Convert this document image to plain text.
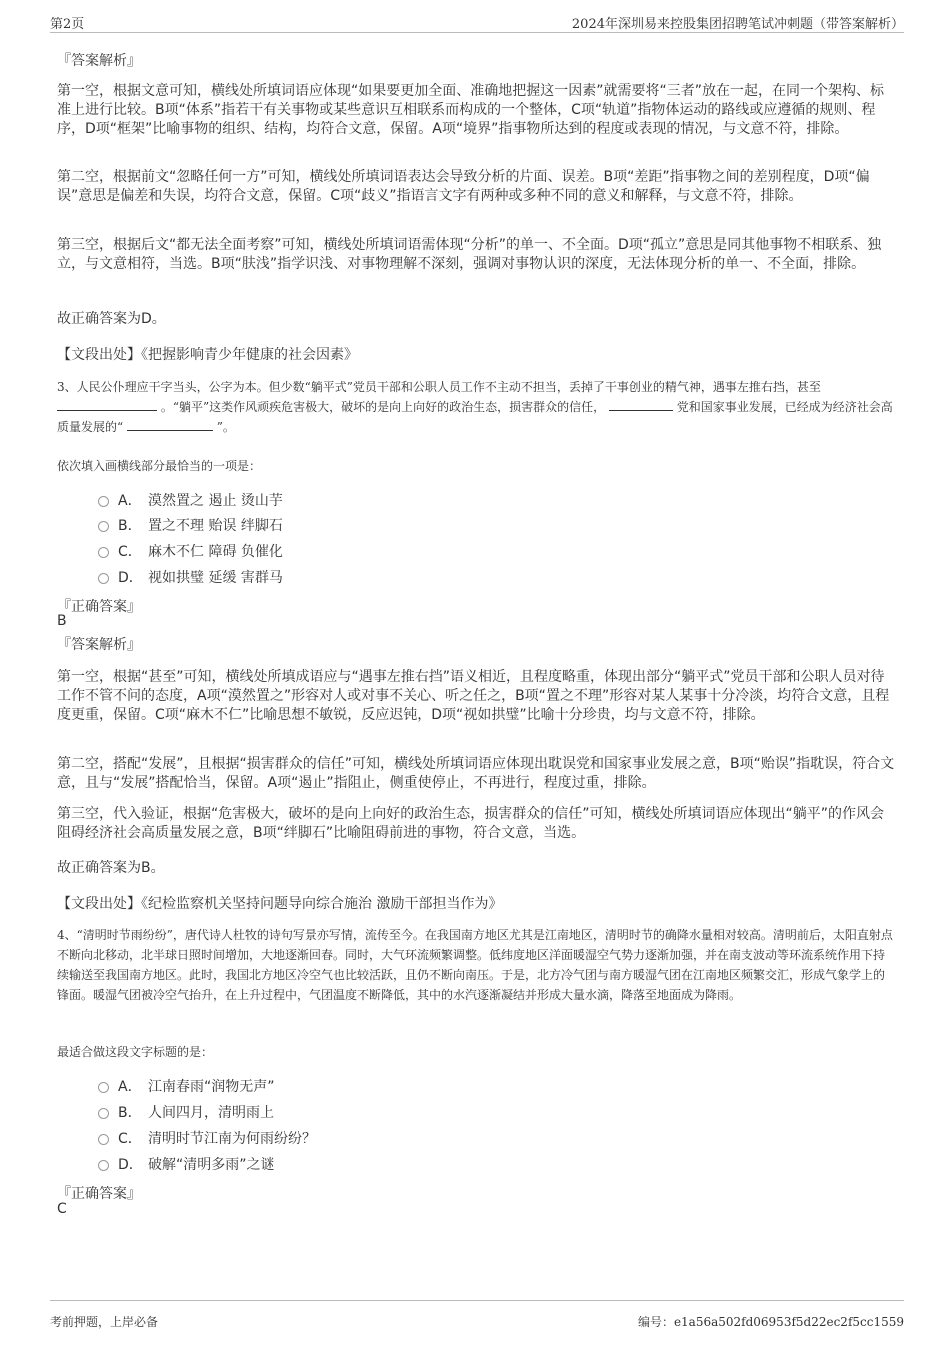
第2页	2024年深圳易来控股集团招聘笔试冲刺题（带答案解析）
『答案解析』
第一空，根据文意可知，横线处所填词语应体现“如果要更加全面、准确地把握这一因素”就需要将“三者”放在一起，在同一个架构、标准上进行比较。B项“体系”指若干有关事物或某些意识互相联系而构成的一个整体，C项“轨道”指物体运动的路线或应遵循的规则、程序，D项“框架”比喻事物的组织、结构，均符合文意，保留。A项“境界”指事物所达到的程度或表现的情况，与文意不符，排除。
第二空，根据前文“忽略任何一方”可知，横线处所填词语表达会导致分析的片面、误差。B项“差距”指事物之间的差别程度，D项“偏误”意思是偏差和失误，均符合文意，保留。C项“歧义”指语言文字有两种或多种不同的意义和解释，与文意不符，排除。
第三空，根据后文“都无法全面考察”可知，横线处所填词语需体现“分析”的单一、不全面。D项“孤立”意思是同其他事物不相联系、独立，与文意相符，当选。B项“肤浅”指学识浅、对事物理解不深刻，强调对事物认识的深度，无法体现分析的单一、不全面，排除。
故正确答案为D。
【文段出处】《把握影响青少年健康的社会因素》
3、人民公仆理应干字当头，公字为本。但少数“躺平式”党员干部和公职人员工作不主动不担当，丢掉了干事创业的精气神，遇事左推右挡，甚至  。“躺平”这类作风顽疾危害极大，破坏的是向上向好的政治生态，损害群众的信任，	党和国家事业发展，已经成为经济社会高质量发展的“	”。
依次填入画横线部分最恰当的一项是：
A． 漠然置之 遏止 烫山芋
B． 置之不理 贻误 绊脚石
C． 麻木不仁 障碍 负催化
D． 视如拱璧 延缓 害群马
『正确答案』
B
『答案解析』
第一空，根据“甚至”可知，横线处所填成语应与“遇事左推右挡”语义相近，且程度略重，体现出部分“躺平式”党员干部和公职人员对待工作不管不问的态度，A项“漠然置之”形容对人或对事不关心、听之任之，B项“置之不理”形容对某人某事十分冷淡，均符合文意，且程度更重，保留。C项“麻木不仁”比喻思想不敏锐，反应迟钝，D项“视如拱璧”比喻十分珍贵，均与文意不符，排除。
第二空，搭配“发展”，且根据“损害群众的信任”可知，横线处所填词语应体现出耽误党和国家事业发展之意，B项“贻误”指耽误，符合文意，且与“发展”搭配恰当，保留。A项“遏止”指阻止，侧重使停止，不再进行，程度过重，排除。
第三空，代入验证，根据“危害极大，破坏的是向上向好的政治生态，损害群众的信任”可知，横线处所填词语应体现出“躺平”的作风会阻碍经济社会高质量发展之意，B项“绊脚石”比喻阻碍前进的事物，符合文意，当选。
故正确答案为B。
【文段出处】《纪检监察机关坚持问题导向综合施治 激励干部担当作为》
4、“清明时节雨纷纷”，唐代诗人杜牧的诗句写景亦写情，流传至今。在我国南方地区尤其是江南地区，清明时节的确降水量相对较高。清明前后，太阳直射点不断向北移动，北半球日照时间增加，大地逐渐回春。同时，大气环流频繁调整。低纬度地区洋面暖湿空气势力逐渐加强，并在南支波动等环流系统作用下持续输送至我国南方地区。此时，我国北方地区冷空气也比较活跃，且仍不断向南压。于是，北方冷气团与南方暖湿气团在江南地区频繁交汇，形成气象学上的锋面。暖湿气团被冷空气抬升，在上升过程中，气团温度不断降低，其中的水汽逐渐凝结并形成大量水滴，降落至地面成为降雨。
最适合做这段文字标题的是：
A． 江南春雨“润物无声”
B． 人间四月，清明雨上
C． 清明时节江南为何雨纷纷？
D． 破解“清明多雨”之谜
『正确答案』
C
考前押题，上岸必备	编号：e1a56a502fd06953f5d22ec2f5cc1559
